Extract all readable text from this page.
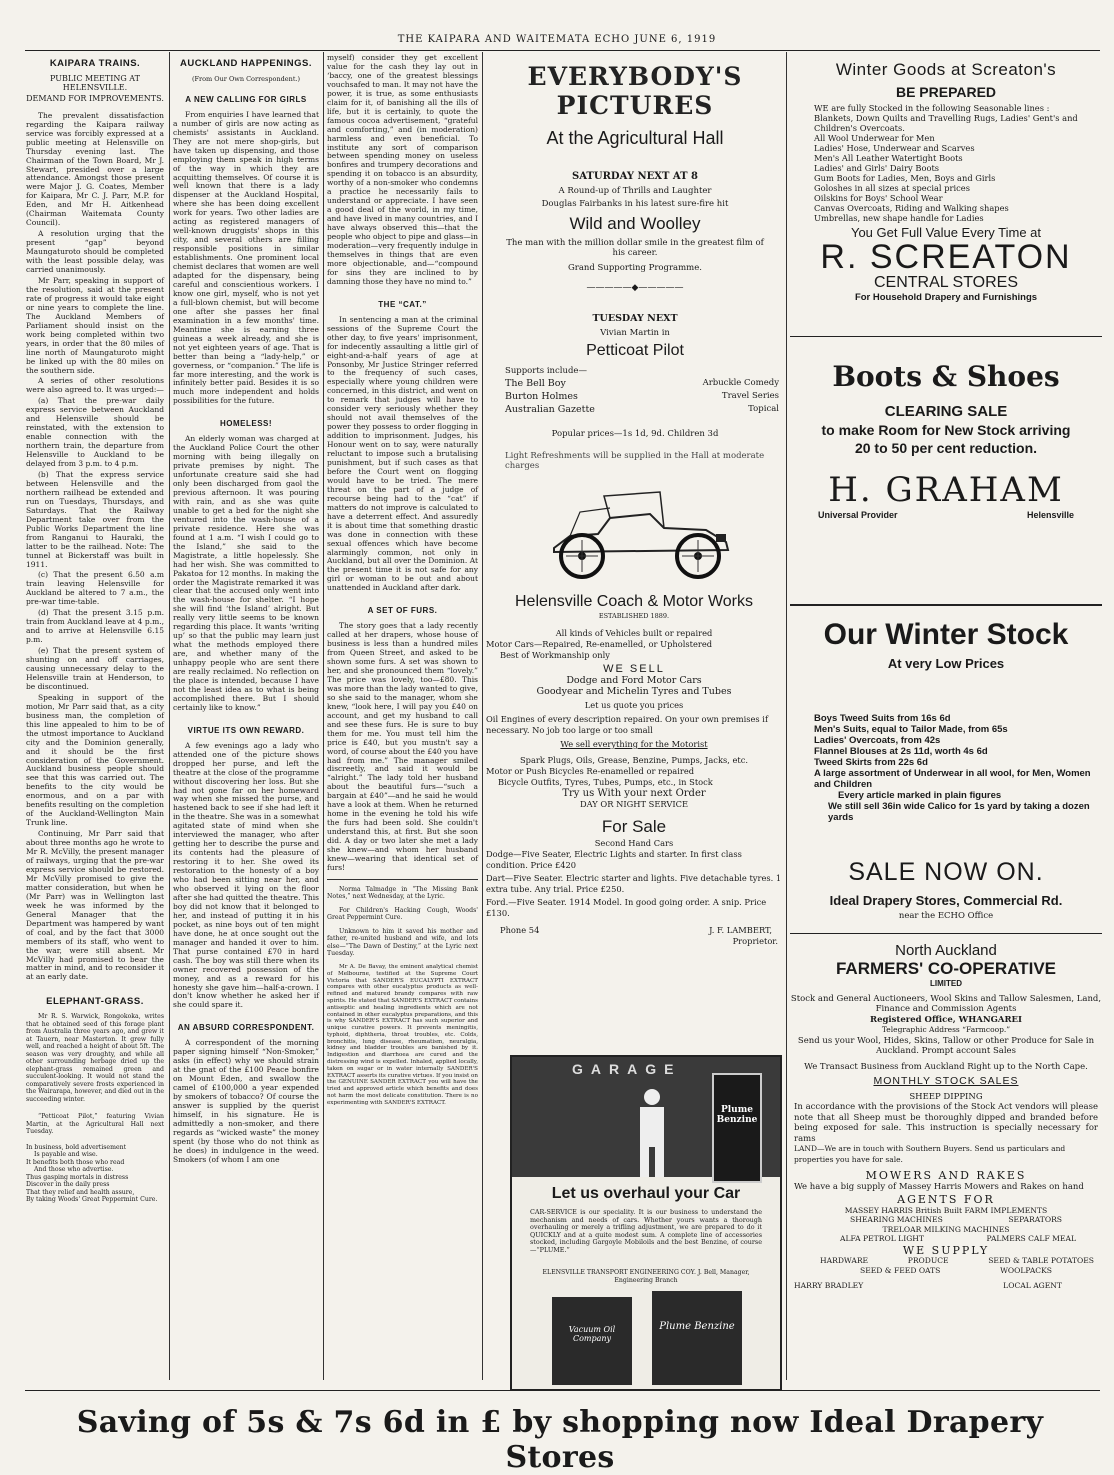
THE KAIPARA AND WAITEMATA ECHO JUNE 6, 1919
KAIPARA TRAINS.
PUBLIC MEETING AT HELENSVILLE.
DEMAND FOR IMPROVEMENTS.

The prevalent dissatisfaction regarding the Kaipara railway service was forcibly expressed at a public meeting at Helensville on Thursday evening last. The Chairman of the Town Board, Mr J. Stewart, presided over a large attendance. Amongst those present were Major J. G. Coates, Member for Kaipara, Mr C. J. Parr, M.P. for Eden, and Mr H. Aitkenhead (Chairman Waitemata County Council).

A resolution urging that the present “gap” beyond Maungaturoto should be completed with the least possible delay, was carried unanimously.

Mr Parr, speaking in support of the resolution, said at the present rate of progress it would take eight or nine years to complete the line. The Auckland Members of Parliament should insist on the work being completed within two years, in order that the 80 miles of line north of Maungaturoto might be linked up with the 80 miles on the southern side.

A series of other resolutions were also agreed to. It was urged:—

(a) That the pre-war daily express service between Auckland and Helensville should be reinstated, with the extension to enable connection with the northern train, the departure from Helensville to Auckland to be delayed from 3 p.m. to 4 p.m.

(b) That the express service between Helensville and the northern railhead be extended and run on Tuesdays, Thursdays, and Saturdays. That the Railway Department take over from the Public Works Department the line from Ranganui to Hauraki, the latter to be the railhead. Note: The tunnel at Bickerstaff was built in 1911.

(c) That the present 6.50 a.m train leaving Helensville for Auckland be altered to 7 a.m., the pre-war time-table.

(d) That the present 3.15 p.m. train from Auckland leave at 4 p.m., and to arrive at Helensville 6.15 p.m.

(e) That the present system of shunting on and off carriages, causing unnecessary delay to the Helensville train at Henderson, to be discontinued.

Speaking in support of the motion, Mr Parr said that, as a city business man, the completion of this line appealed to him to be of the utmost importance to Auckland city and the Dominion generally, and it should be the first consideration of the Government. Auckland business people should see that this was carried out. The benefits to the city would be enormous, and on a par with benefits resulting on the completion of the Auckland-Wellington Main Trunk line.

Continuing, Mr Parr said that about three months ago he wrote to Mr R. McVilly, the present manager of railways, urging that the pre-war express service should be restored. Mr McVilly promised to give the matter consideration, but when he (Mr Parr) was in Wellington last week he was informed by the General Manager that the Department was hampered by want of coal, and by the fact that 3000 members of its staff, who went to the war, were still absent. Mr McVilly had promised to bear the matter in mind, and to reconsider it at an early date.

ELEPHANT-GRASS.

Mr R. S. Warwick, Rongokoka, writes that he obtained seed of this forage plant from Australia three years ago, and grew it at Tauern, near Masterton. It grew fully well, and reached a height of about 5ft. The season was very droughty, and while all other surrounding herbage dried up the elephant-grass remained green and succulent-looking. It would not stand the comparatively severe frosts experienced in the Wairarapa, however, and died out in the succeeding winter.

“Petticoat Pilot,” featuring Vivian Martin, at the Agricultural Hall next Tuesday.

In business, bold advertisement
Is payable and wise.
It benefits both those who read
And those who advertise.
Thus gasping mortals in distress
Discover in the daily press
That they relief and health assure,
By taking Woods' Great Peppermint Cure.
AUCKLAND HAPPENINGS.
(From Our Own Correspondent.)
A NEW CALLING FOR GIRLS

From enquiries I have learned that a number of girls are now acting as chemists' assistants in Auckland. They are not mere shop-girls, but have taken up dispensing, and those employing them speak in high terms of the way in which they are acquitting themselves. Of course it is well known that there is a lady dispenser at the Auckland Hospital, where she has been doing excellent work for years. Two other ladies are acting as registered managers of well-known druggists' shops in this city, and several others are filling responsible positions in similar establishments. One prominent local chemist declares that women are well adapted for the dispensary, being careful and conscientious workers. I know one girl, myself, who is not yet a full-blown chemist, but will become one after she passes her final examination in a few months' time. Meantime she is earning three guineas a week already, and she is not yet eighteen years of age. That is better than being a “lady-help,” or governess, or “companion.” The life is far more interesting, and the work is infinitely better paid. Besides it is so much more independent and holds possibilities for the future.

HOMELESS!

An elderly woman was charged at the Auckland Police Court the other morning with being illegally on private premises by night. The unfortunate creature said she had only been discharged from gaol the previous afternoon. It was pouring with rain, and as she was quite unable to get a bed for the night she ventured into the wash-house of a private residence. Here she was found at 1 a.m. “I wish I could go to the Island,” she said to the Magistrate, a little hopelessly. She had her wish. She was committed to Pakatoa for 12 months. In making the order the Magistrate remarked it was clear that the accused only went into the wash-house for shelter. “I hope she will find ‘the Island’ alright. But really very little seems to be known regarding this place. It wants ‘writing up’ so that the public may learn just what the methods employed there are, and whether many of the unhappy people who are sent there are really reclaimed. No reflection on the place is intended, because I have not the least idea as to what is being accomplished there. But I should certainly like to know.”

VIRTUE ITS OWN REWARD.

A few evenings ago a lady who attended one of the picture shows dropped her purse, and left the theatre at the close of the programme without discovering her loss. But she had not gone far on her homeward way when she missed the purse, and hastened back to see if she had left it in the theatre. She was in a somewhat agitated state of mind when she interviewed the manager, who after getting her to describe the purse and its contents had the pleasure of restoring it to her. She owed its restoration to the honesty of a boy who had been sitting near her, and who observed it lying on the floor after she had quitted the theatre. This boy did not know that it belonged to her, and instead of putting it in his pocket, as nine boys out of ten might have done, he at once sought out the manager and handed it over to him. That purse contained £70 in hard cash. The boy was still there when its owner recovered possession of the money, and as a reward for his honesty she gave him—half-a-crown. I don't know whether he asked her if she could spare it.

AN ABSURD CORRESPONDENT.

A correspondent of the morning paper signing himself “Non-Smoker,” asks (in effect) why we should strain at the gnat of the £100 Peace bonfire on Mount Eden, and swallow the camel of £100,000 a year expended by smokers of tobacco? Of course the answer is supplied by the querist himself, in his signature. He is admittedly a non-smoker, and there regards as “wicked waste” the money spent (by those who do not think as he does) in indulgence in the weed. Smokers (of whom I am one

myself) consider they get excellent value for the cash they lay out in ‘baccy, one of the greatest blessings vouchsafed to man. It may not have the power, it is true, as some enthusiasts claim for it, of banishing all the ills of life, but it is certainly, to quote the famous cocoa advertisement, “grateful and comforting,” and (in moderation) harmless and even beneficial. To institute any sort of comparison between spending money on useless bonfires and trumpery decorations and spending it on tobacco is an absurdity, worthy of a non-smoker who condemns a practice he necessarily fails to understand or appreciate. I have seen a good deal of the world, in my time, and have lived in many countries, and I have always observed this—that the people who object to pipe and glass—in moderation—very frequently indulge in themselves in things that are even more objectionable, and—“compound for sins they are inclined to by damning those they have no mind to.”

THE “CAT.”

In sentencing a man at the criminal sessions of the Supreme Court the other day, to five years' imprisonment, for indecently assaulting a little girl of eight-and-a-half years of age at Ponsonby, Mr Justice Stringer referred to the frequency of such cases, especially where young children were concerned, in this district, and went on to remark that judges will have to consider very seriously whether they should not avail themselves of the power they possess to order flogging in addition to imprisonment. Judges, his Honour went on to say, were naturally reluctant to impose such a brutalising punishment, but if such cases as that before the Court went on flogging would have to be tried. The mere threat on the part of a judge of recourse being had to the “cat” if matters do not improve is calculated to have a deterrent effect. And assuredly it is about time that something drastic was done in connection with these sexual offences which have become alarmingly common, not only in Auckland, but all over the Dominion. At the present time it is not safe for any girl or woman to be out and about unattended in Auckland after dark.

A SET OF FURS.

The story goes that a lady recently called at her drapers, whose house of business is less than a hundred miles from Queen Street, and asked to be shown some furs. A set was shown to her, and she pronounced them “lovely.” The price was lovely, too—£80. This was more than the lady wanted to give, so she said to the manager, whom she knew, “look here, I will pay you £40 on account, and get my husband to call and see these furs. He is sure to buy them for me. You must tell him the price is £40, but you mustn't say a word, of course about the £40 you have had from me.” The manager smiled discreetly, and said it would be “alright.” The lady told her husband about the beautiful furs—“such a bargain at £40”—and he said he would have a look at them. When he returned home in the evening he told his wife the furs had been sold. She couldn't understand this, at first. But she soon did. A day or two later she met a lady she knew—and whom her husband knew—wearing that identical set of furs!

Norma Talmadge in “The Missing Bank Notes,” next Wednesday, at the Lyric.

For Children's Hacking Cough, Woods' Great Peppermint Cure.

Unknown to him it saved his mother and father, re-united husband and wife, and lots else—“The Dawn of Destiny,” at the Lyric next Tuesday.

Mr A. De Bavay, the eminent analytical chemist of Melbourne, testified at the Supreme Court Victoria that SANDER'S EUCALYPTI EXTRACT compares with other eucalyptus products as well-refined and matured brandy compares with raw spirits. He stated that SANDER'S EXTRACT contains antiseptic and healing ingredients which are not contained in other eucalyptus preparations, and this is why SANDER'S EXTRACT has such superior and unique curative powers. It prevents meningitis, typhoid, diphtheria, throat troubles, etc. Colds, bronchitis, lung disease, rheumatism, neuralgia, kidney and bladder troubles are banished by it. Indigestion and diarrhoea are cured and the distressing wind is expelled. Inhaled, applied locally, taken on sugar or in water internally SANDER'S EXTRACT asserts its curative virtues. If you insist on the GENUINE SANDER EXTRACT you will have the tried and approved article which benefits and does not harm the most delicate constitution. There is no experimenting with SANDER'S EXTRACT.

EVERYBODY'S PICTURES
At the Agricultural Hall
SATURDAY NEXT AT 8
A Round-up of Thrills and Laughter
Douglas Fairbanks in his latest sure-fire hit
Wild and Woolley
The man with the million dollar smile in the greatest film of his career.
Grand Supporting Programme.
—————◆—————
TUESDAY NEXT
Vivian Martin in
Petticoat Pilot
Supports include—
The Bell Boy	Arbuckle Comedy
Burton Holmes	Travel Series
Australian Gazette	Topical
Popular prices—1s 1d, 9d. Children 3d
Light Refreshments will be supplied in the Hall at moderate charges
Helensville Coach & Motor Works
ESTABLISHED 1889.
All kinds of Vehicles built or repaired
Motor Cars—Repaired, Re-enamelled, or Upholstered
Best of Workmanship only
WE SELL
Dodge and Ford Motor Cars
Goodyear and Michelin Tyres and Tubes
Let us quote you prices
Oil Engines of every description repaired. On your own premises if necessary. No job too large or too small
We sell everything for the Motorist
Spark Plugs, Oils, Grease, Benzine, Pumps, Jacks, etc.
Motor or Push Bicycles Re-enamelled or repaired
Bicycle Outfits, Tyres, Tubes, Pumps, etc., in Stock
Try us With your next Order
DAY OR NIGHT SERVICE
For Sale
Second Hand Cars
Dodge—Five Seater, Electric Lights and starter. In first class condition. Price £420
Dart—Five Seater. Electric starter and lights. Five detachable tyres. 1 extra tube. Any trial. Price £250.
Ford.—Five Seater. 1914 Model. In good going order. A snip. Price £130.
Phone 54	J. F. LAMBERT,
Proprietor.
GARAGE
Plume Benzine
Let us overhaul your Car
CAR-SERVICE is our speciality. It is our business to understand the mechanism and needs of cars. Whether yours wants a thorough overhauling or merely a trifling adjustment, we are prepared to do it QUICKLY and at a quite modest sum. A complete line of accessories stocked, including Gargoyle Mobiloils and the best Benzine, of course—“PLUME.”
ELENSVILLE TRANSPORT ENGINEERING COY. J. Bell, Manager, Engineering Branch
Vacuum Oil Company
Plume Benzine
Winter Goods at Screaton's
BE PREPARED
WE are fully Stocked in the following Seasonable lines :
Blankets, Down Quilts and Travelling Rugs, Ladies' Gent's and Children's Overcoats.
All Wool Underwear for Men
Ladies' Hose, Underwear and Scarves
Men's All Leather Watertight Boots
Ladies' and Girls' Dairy Boots
Gum Boots for Ladies, Men, Boys and Girls
Goloshes in all sizes at special prices
Oilskins for Boys' School Wear
Canvas Overcoats, Riding and Walking shapes
Umbrellas, new shape handle for Ladies
You Get Full Value Every Time at
R. SCREATON
CENTRAL STORES
For Household Drapery and Furnishings
Boots & Shoes
CLEARING SALE
to make Room for New Stock arriving
20 to 50 per cent reduction.
H. GRAHAM
Universal Provider	Helensville
Our Winter Stock
At very Low Prices
Boys Tweed Suits from 16s 6d
Men's Suits, equal to Tailor Made, from 65s
Ladies' Overcoats, from 42s
Flannel Blouses at 2s 11d, worth 4s 6d
Tweed Skirts from 22s 6d
A large assortment of Underwear in all wool, for Men, Women and Children
Every article marked in plain figures
We still sell 36in wide Calico for 1s yard by taking a dozen yards
SALE NOW ON.
Ideal Drapery Stores, Commercial Rd.
near the ECHO Office
North Auckland
FARMERS' CO-OPERATIVE
LIMITED
Stock and General Auctioneers, Wool Skins and Tallow Salesmen, Land, Finance and Commission Agents
Registered Office, WHANGAREI
Telegraphic Address “Farmcoop.”
Send us your Wool, Hides, Skins, Tallow or other Produce for Sale in Auckland. Prompt account Sales
We Transact Business from Auckland Right up to the North Cape.
MONTHLY STOCK SALES
SHEEP DIPPING
In accordance with the provisions of the Stock Act vendors will please note that all Sheep must be thoroughly dipped and branded before being exposed for sale. This instruction is specially necessary for rams
LAND—We are in touch with Southern Buyers. Send us particulars and properties you have for sale.
MOWERS AND RAKES
We have a big supply of Massey Harris Mowers and Rakes on hand
AGENTS FOR
MASSEY HARRIS British Built FARM IMPLEMENTS
SHEARING MACHINES	SEPARATORS
TRELOAR MILKING MACHINES
ALFA PETROL LIGHT	PALMERS CALF MEAL
WE SUPPLY
HARDWARE	PRODUCE	SEED & TABLE POTATOES
SEED & FEED OATS	WOOLPACKS
HARRY BRADLEY	LOCAL AGENT
Saving of 5s & 7s 6d in £ by shopping now Ideal Drapery Stores
